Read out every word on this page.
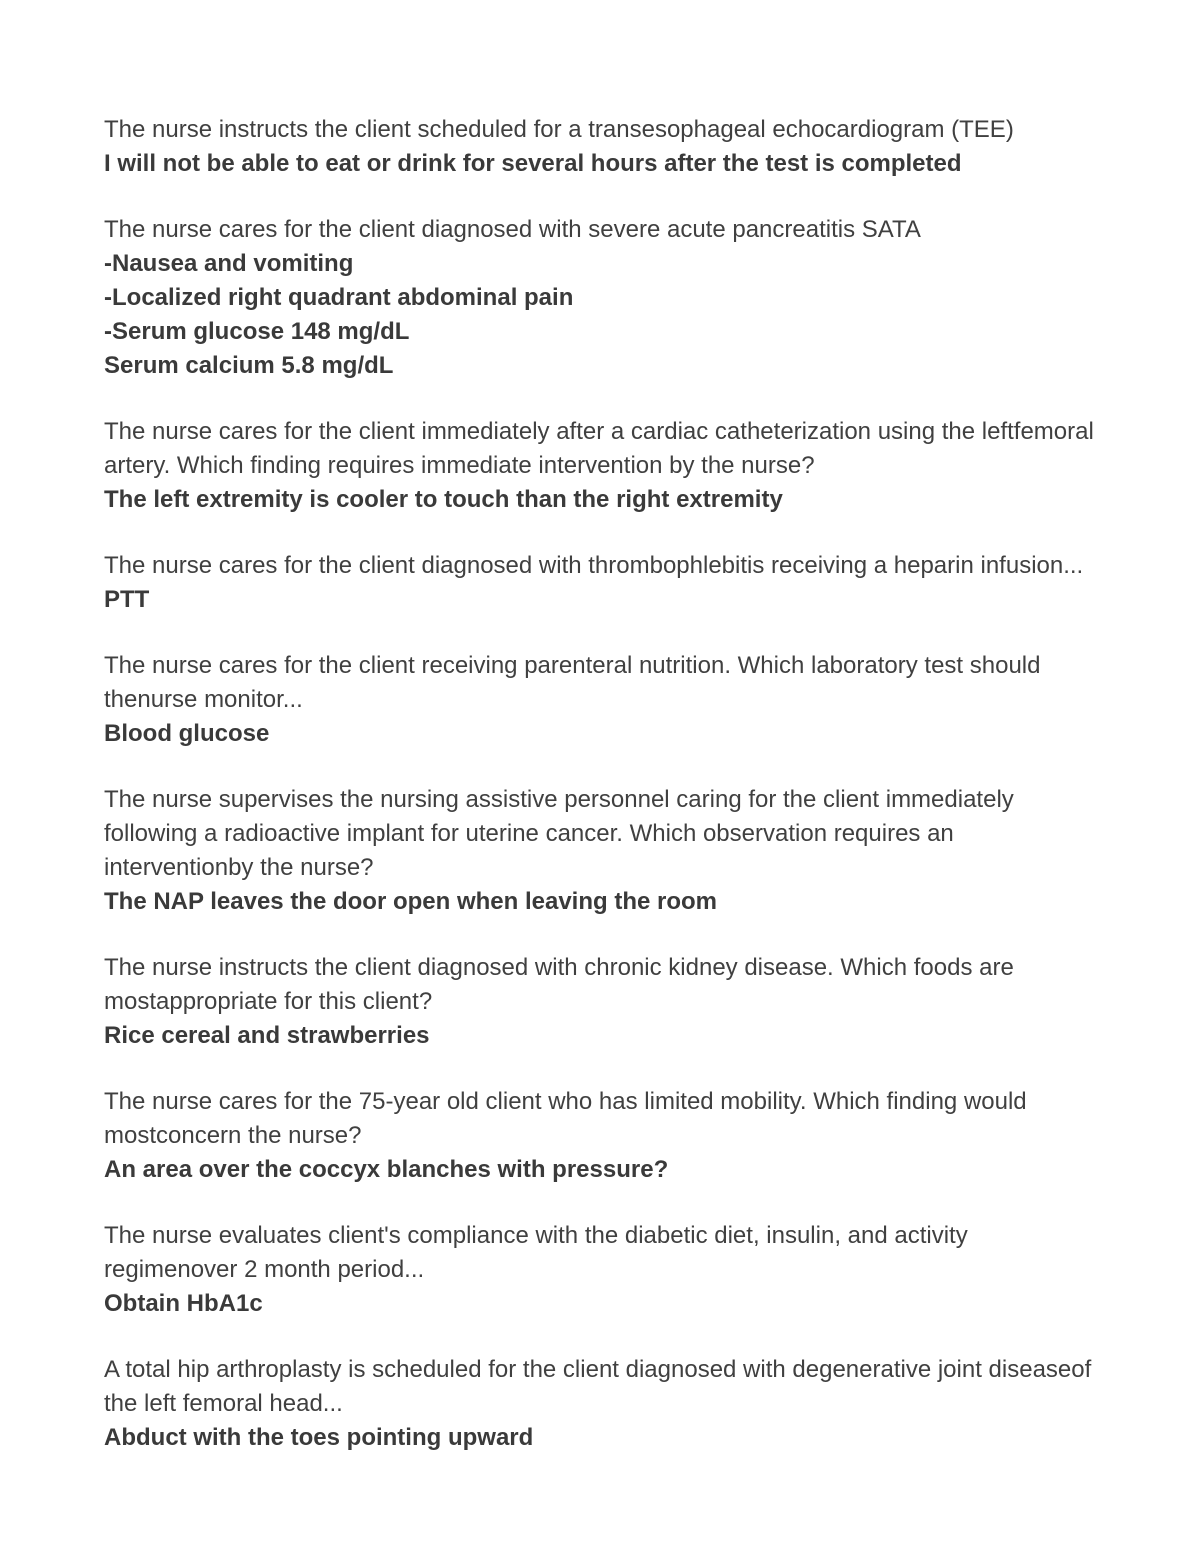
The nurse instructs the client scheduled for a transesophageal echocardiogram (TEE)

I will not be able to eat or drink for several hours after the test is completed

The nurse cares for the client diagnosed with severe acute pancreatitis SATA

-Nausea and vomiting

-Localized right quadrant abdominal pain

-Serum glucose 148 mg/dL

Serum calcium 5.8 mg/dL

The nurse cares for the client immediately after a cardiac catheterization using the leftfemoral artery. Which finding requires immediate intervention by the nurse?

The left extremity is cooler to touch than the right extremity

The nurse cares for the client diagnosed with thrombophlebitis receiving a heparin infusion...

PTT

The nurse cares for the client receiving parenteral nutrition. Which laboratory test should thenurse monitor...

Blood glucose

The nurse supervises the nursing assistive personnel caring for the client immediately following a radioactive implant for uterine cancer. Which observation requires an interventionby the nurse?

The NAP leaves the door open when leaving the room

The nurse instructs the client diagnosed with chronic kidney disease. Which foods are mostappropriate for this client?

Rice cereal and strawberries

The nurse cares for the 75-year old client who has limited mobility. Which finding would mostconcern the nurse?

An area over the coccyx blanches with pressure?

The nurse evaluates client's compliance with the diabetic diet, insulin, and activity regimenover 2 month period...

Obtain HbA1c

A total hip arthroplasty is scheduled for the client diagnosed with degenerative joint diseaseof the left femoral head...

Abduct with the toes pointing upward
